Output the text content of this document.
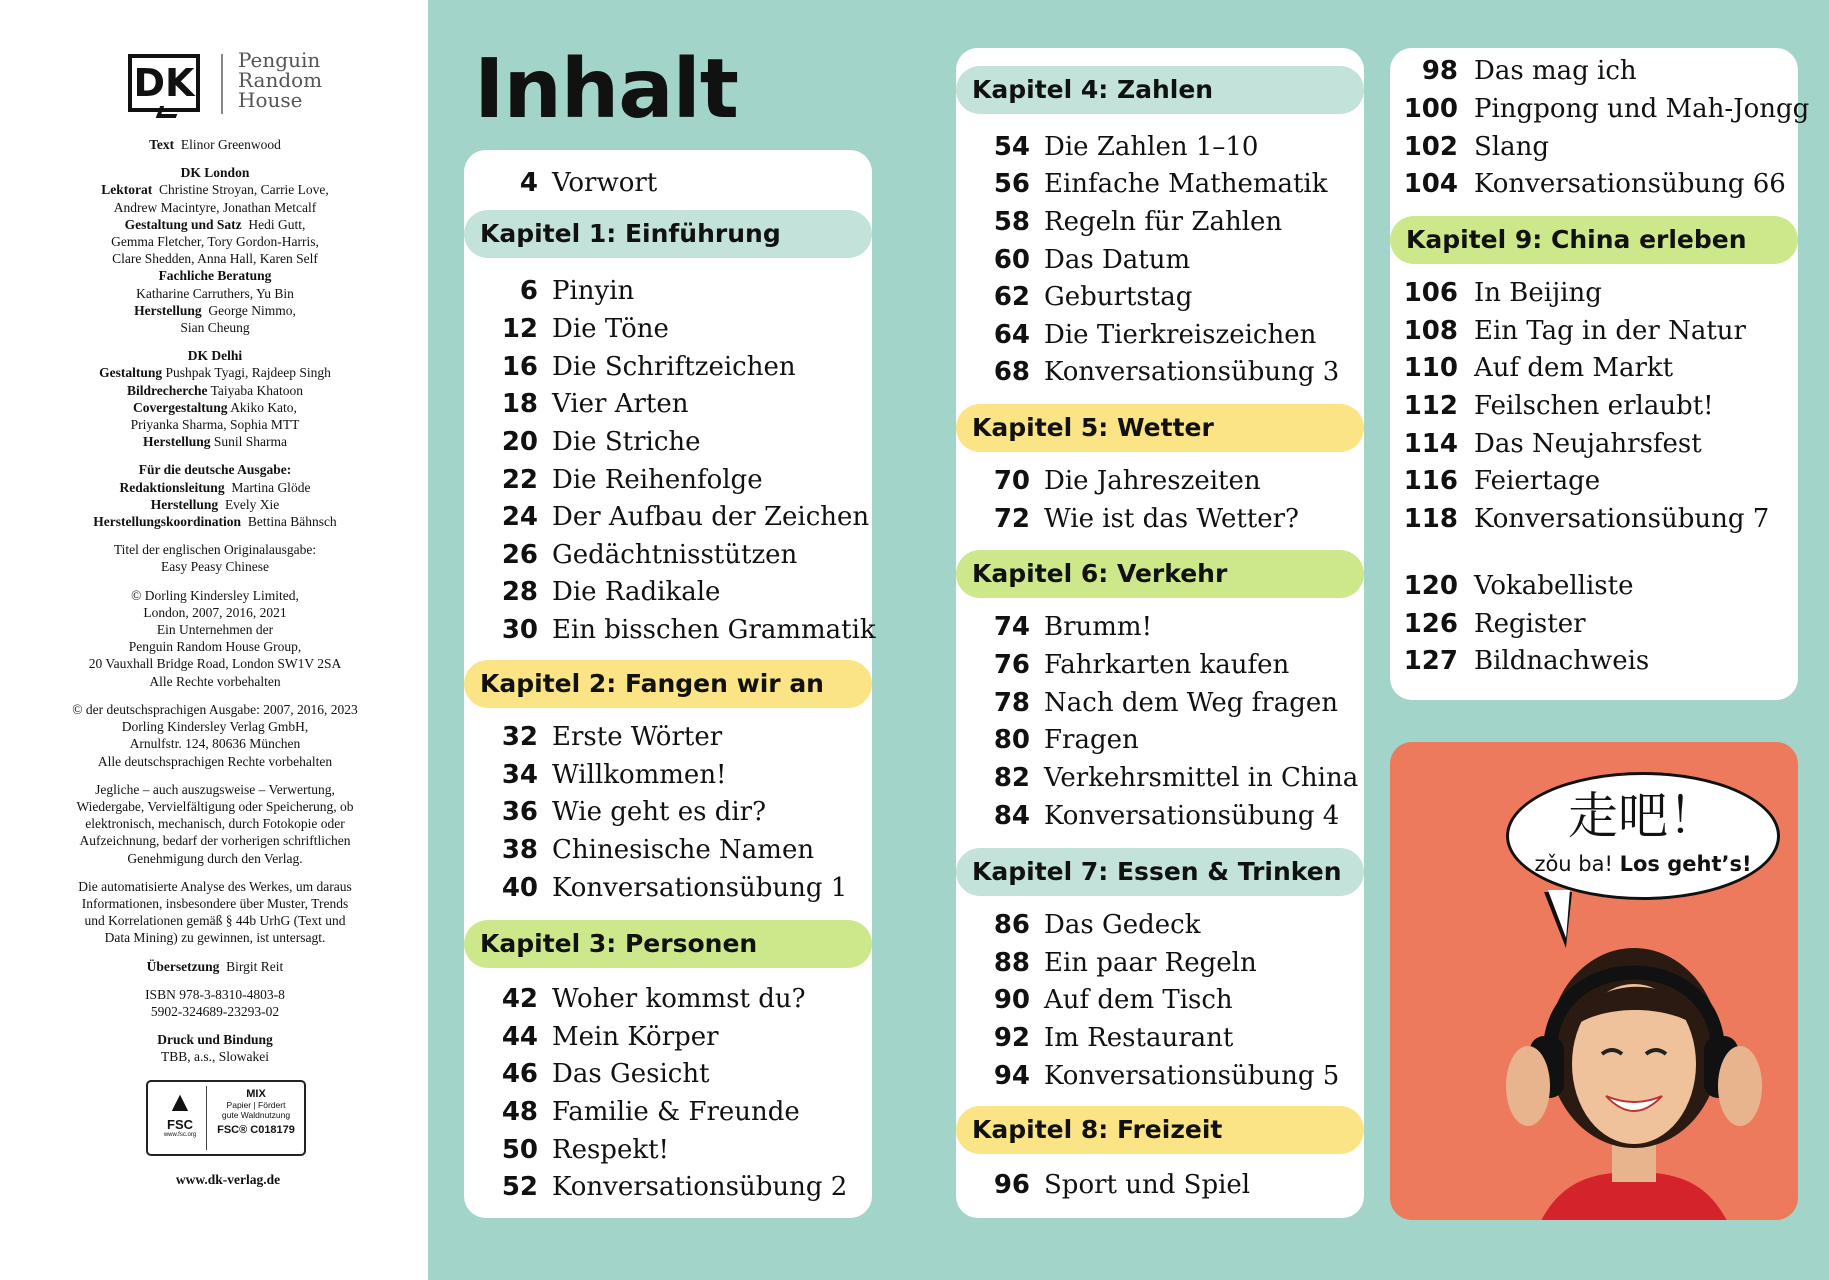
DK
Penguin
Random
House

Text Elinor Greenwood

DK London
Lektorat Christine Stroyan, Carrie Love,
Andrew Macintyre, Jonathan Metcalf
Gestaltung und Satz Hedi Gutt,
Gemma Fletcher, Tory Gordon-Harris,
Clare Shedden, Anna Hall, Karen Self
Fachliche Beratung
Katharine Carruthers, Yu Bin
Herstellung George Nimmo,
Sian Cheung

DK Delhi
Gestaltung Pushpak Tyagi, Rajdeep Singh
Bildrecherche Taiyaba Khatoon
Covergestaltung Akiko Kato,
Priyanka Sharma, Sophia MTT
Herstellung Sunil Sharma

Für die deutsche Ausgabe:
Redaktionsleitung Martina Glöde
Herstellung Evely Xie
Herstellungskoordination Bettina Bähnsch

Titel der englischen Originalausgabe:
Easy Peasy Chinese

© Dorling Kindersley Limited,
London, 2007, 2016, 2021
Ein Unternehmen der
Penguin Random House Group,
20 Vauxhall Bridge Road, London SW1V 2SA
Alle Rechte vorbehalten

© der deutschsprachigen Ausgabe: 2007, 2016, 2023
Dorling Kindersley Verlag GmbH,
Arnulfstr. 124, 80636 München
Alle deutschsprachigen Rechte vorbehalten

Jegliche – auch auszugsweise – Verwertung,
Wiedergabe, Vervielfältigung oder Speicherung, ob
elektronisch, mechanisch, durch Fotokopie oder
Aufzeichnung, bedarf der vorherigen schriftlichen
Genehmigung durch den Verlag.

Die automatisierte Analyse des Werkes, um daraus
Informationen, insbesondere über Muster, Trends
und Korrelationen gemäß § 44b UrhG (Text und
Data Mining) zu gewinnen, ist untersagt.

Übersetzung Birgit Reit

ISBN 978-3-8310-4803-8
5902-324689-23293-02

Druck und Bindung
TBB, a.s., Slowakei

▲
FSC
www.fsc.org
MIX
Papier | Fördert
gute Waldnutzung
FSC® C018179
www.dk-verlag.de
Inhalt
4 Vorwort
Kapitel 1: Einführung
6 Pinyin
12 Die Töne
16 Die Schriftzeichen
18 Vier Arten
20 Die Striche
22 Die Reihenfolge
24 Der Aufbau der Zeichen
26 Gedächtnisstützen
28 Die Radikale
30 Ein bisschen Grammatik
Kapitel 2: Fangen wir an
32 Erste Wörter
34 Willkommen!
36 Wie geht es dir?
38 Chinesische Namen
40 Konversationsübung 1
Kapitel 3: Personen
42 Woher kommst du?
44 Mein Körper
46 Das Gesicht
48 Familie & Freunde
50 Respekt!
52 Konversationsübung 2
Kapitel 4: Zahlen
54 Die Zahlen 1–10
56 Einfache Mathematik
58 Regeln für Zahlen
60 Das Datum
62 Geburtstag
64 Die Tierkreiszeichen
68 Konversationsübung 3
Kapitel 5: Wetter
70 Die Jahreszeiten
72 Wie ist das Wetter?
Kapitel 6: Verkehr
74 Brumm!
76 Fahrkarten kaufen
78 Nach dem Weg fragen
80 Fragen
82 Verkehrsmittel in China
84 Konversationsübung 4
Kapitel 7: Essen & Trinken
86 Das Gedeck
88 Ein paar Regeln
90 Auf dem Tisch
92 Im Restaurant
94 Konversationsübung 5
Kapitel 8: Freizeit
96 Sport und Spiel
98 Das mag ich
100 Pingpong und Mah-Jongg
102 Slang
104 Konversationsübung 66
Kapitel 9: China erleben
106 In Beijing
108 Ein Tag in der Natur
110 Auf dem Markt
112 Feilschen erlaubt!
114 Das Neujahrsfest
116 Feiertage
118 Konversationsübung 7
120 Vokabelliste
126 Register
127 Bildnachweis
走吧！
zǒu ba! Los geht’s!
